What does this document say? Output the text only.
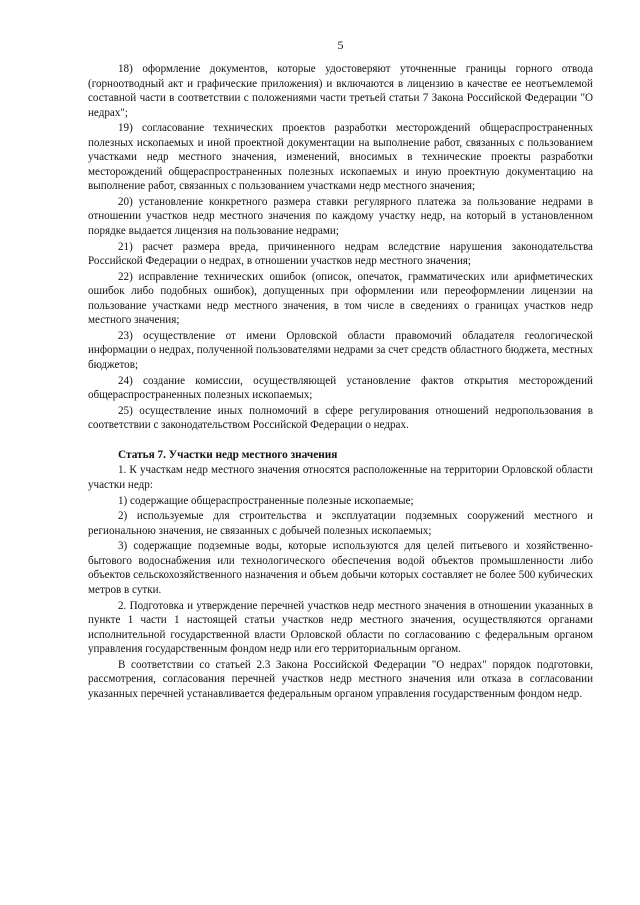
5

18) оформление документов, которые удостоверяют уточненные границы горного отвода (горноотводный акт и графические приложения) и включаются в лицензию в качестве ее неотъемлемой составной части в соответствии с положениями части третьей статьи 7 Закона Российской Федерации "О недрах";

19) согласование технических проектов разработки месторождений общераспространенных полезных ископаемых и иной проектной документации на выполнение работ, связанных с пользованием участками недр местного значения, изменений, вносимых в технические проекты разработки месторождений общераспространенных полезных ископаемых и иную проектную документацию на выполнение работ, связанных с пользованием участками недр местного значения;

20) установление конкретного размера ставки регулярного платежа за пользование недрами в отношении участков недр местного значения по каждому участку недр, на который в установленном порядке выдается лицензия на пользование недрами;

21) расчет размера вреда, причиненного недрам вследствие нарушения законодательства Российской Федерации о недрах, в отношении участков недр местного значения;

22) исправление технических ошибок (описок, опечаток, грамматических или арифметических ошибок либо подобных ошибок), допущенных при оформлении или переоформлении лицензии на пользование участками недр местного значения, в том числе в сведениях о границах участков недр местного значения;

23) осуществление от имени Орловской области правомочий обладателя геологической информации о недрах, полученной пользователями недрами за счет средств областного бюджета, местных бюджетов;

24) создание комиссии, осуществляющей установление фактов открытия месторождений общераспространенных полезных ископаемых;

25) осуществление иных полномочий в сфере регулирования отношений недропользования в соответствии с законодательством Российской Федерации о недрах.

Статья 7. Участки недр местного значения

1. К участкам недр местного значения относятся расположенные на территории Орловской области участки недр:

1) содержащие общераспространенные полезные ископаемые;

2) используемые для строительства и эксплуатации подземных сооружений местного и региональною значения, не связанных с добычей полезных ископаемых;

3) содержащие подземные воды, которые используются для целей питьевого и хозяйственно-бытового водоснабжения или технологического обеспечения водой объектов промышленности либо объектов сельскохозяйственного назначения и объем добычи которых составляет не более 500 кубических метров в сутки.

2. Подготовка и утверждение перечней участков недр местного значения в отношении указанных в пункте 1 части 1 настоящей статьи участков недр местного значения, осуществляются органами исполнительной государственной власти Орловской области по согласованию с федеральным органом управления государственным фондом недр или его территориальным органом.

В соответствии со статьей 2.3 Закона Российской Федерации "О недрах" порядок подготовки, рассмотрения, согласования перечней участков недр местного значения или отказа в согласовании указанных перечней устанавливается федеральным органом управления государственным фондом недр.
